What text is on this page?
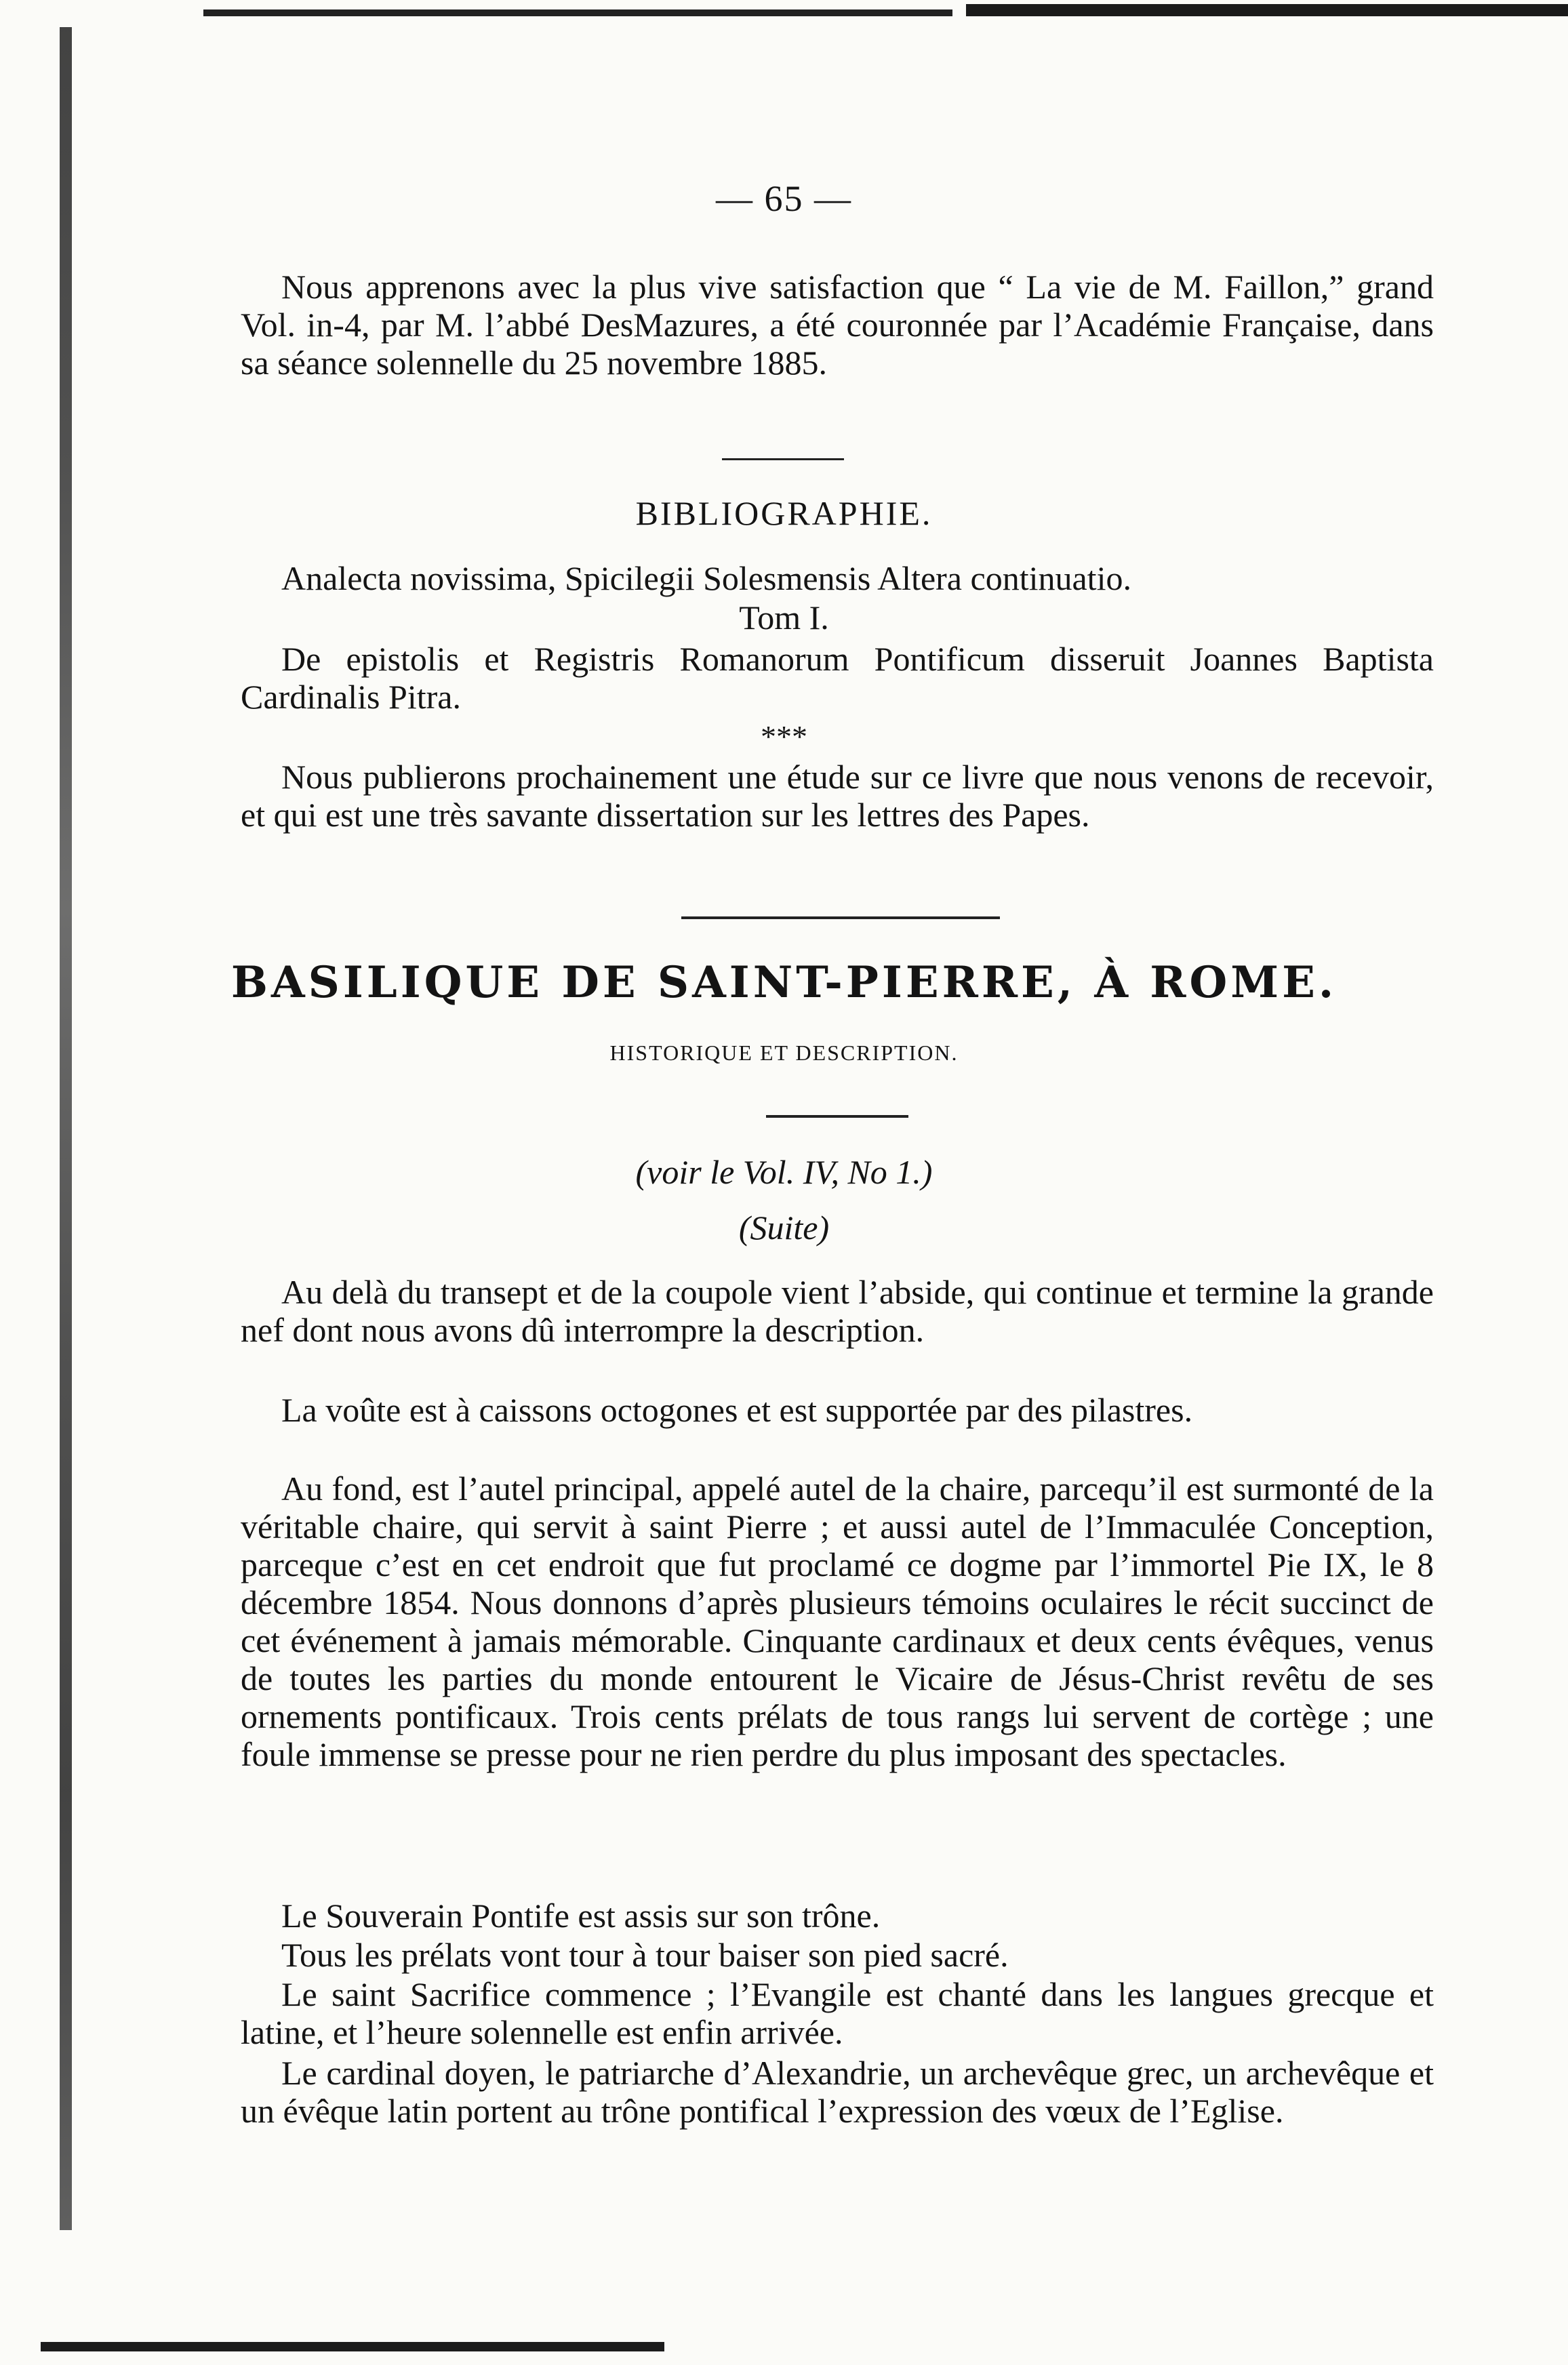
— 65 —
Nous apprenons avec la plus vive satisfaction que “ La vie de M. Faillon,” grand Vol. in-4, par M. l’abbé DesMazures, a été couronnée par l’Académie Française, dans sa séance solennelle du 25 novembre 1885.
BIBLIOGRAPHIE.
Analecta novissima, Spicilegii Solesmensis Altera continuatio.
Tom I.
De epistolis et Registris Romanorum Pontificum disseruit Joannes Baptista Cardinalis Pitra.
***
Nous publierons prochainement une étude sur ce livre que nous venons de recevoir, et qui est une très savante dissertation sur les lettres des Papes.
BASILIQUE DE SAINT-PIERRE, À ROME.
HISTORIQUE ET DESCRIPTION.
(voir le Vol. IV, No 1.)
(Suite)
Au delà du transept et de la coupole vient l’abside, qui continue et termine la grande nef dont nous avons dû interrompre la description.
La voûte est à caissons octogones et est supportée par des pilastres.
Au fond, est l’autel principal, appelé autel de la chaire, parcequ’il est surmonté de la véritable chaire, qui servit à saint Pierre ; et aussi autel de l’Immaculée Conception, parceque c’est en cet endroit que fut proclamé ce dogme par l’immortel Pie IX, le 8 décembre 1854. Nous donnons d’après plusieurs témoins oculaires le récit succinct de cet événement à jamais mémorable. Cinquante cardinaux et deux cents évêques, venus de toutes les parties du monde entourent le Vicaire de Jésus-Christ revêtu de ses ornements pontificaux. Trois cents prélats de tous rangs lui servent de cortège ; une foule immense se presse pour ne rien perdre du plus imposant des spectacles.
Le Souverain Pontife est assis sur son trône.
Tous les prélats vont tour à tour baiser son pied sacré.
Le saint Sacrifice commence ; l’Evangile est chanté dans les langues grecque et latine, et l’heure solennelle est enfin arrivée.
Le cardinal doyen, le patriarche d’Alexandrie, un archevêque grec, un archevêque et un évêque latin portent au trône pontifical l’expression des vœux de l’Eglise.
